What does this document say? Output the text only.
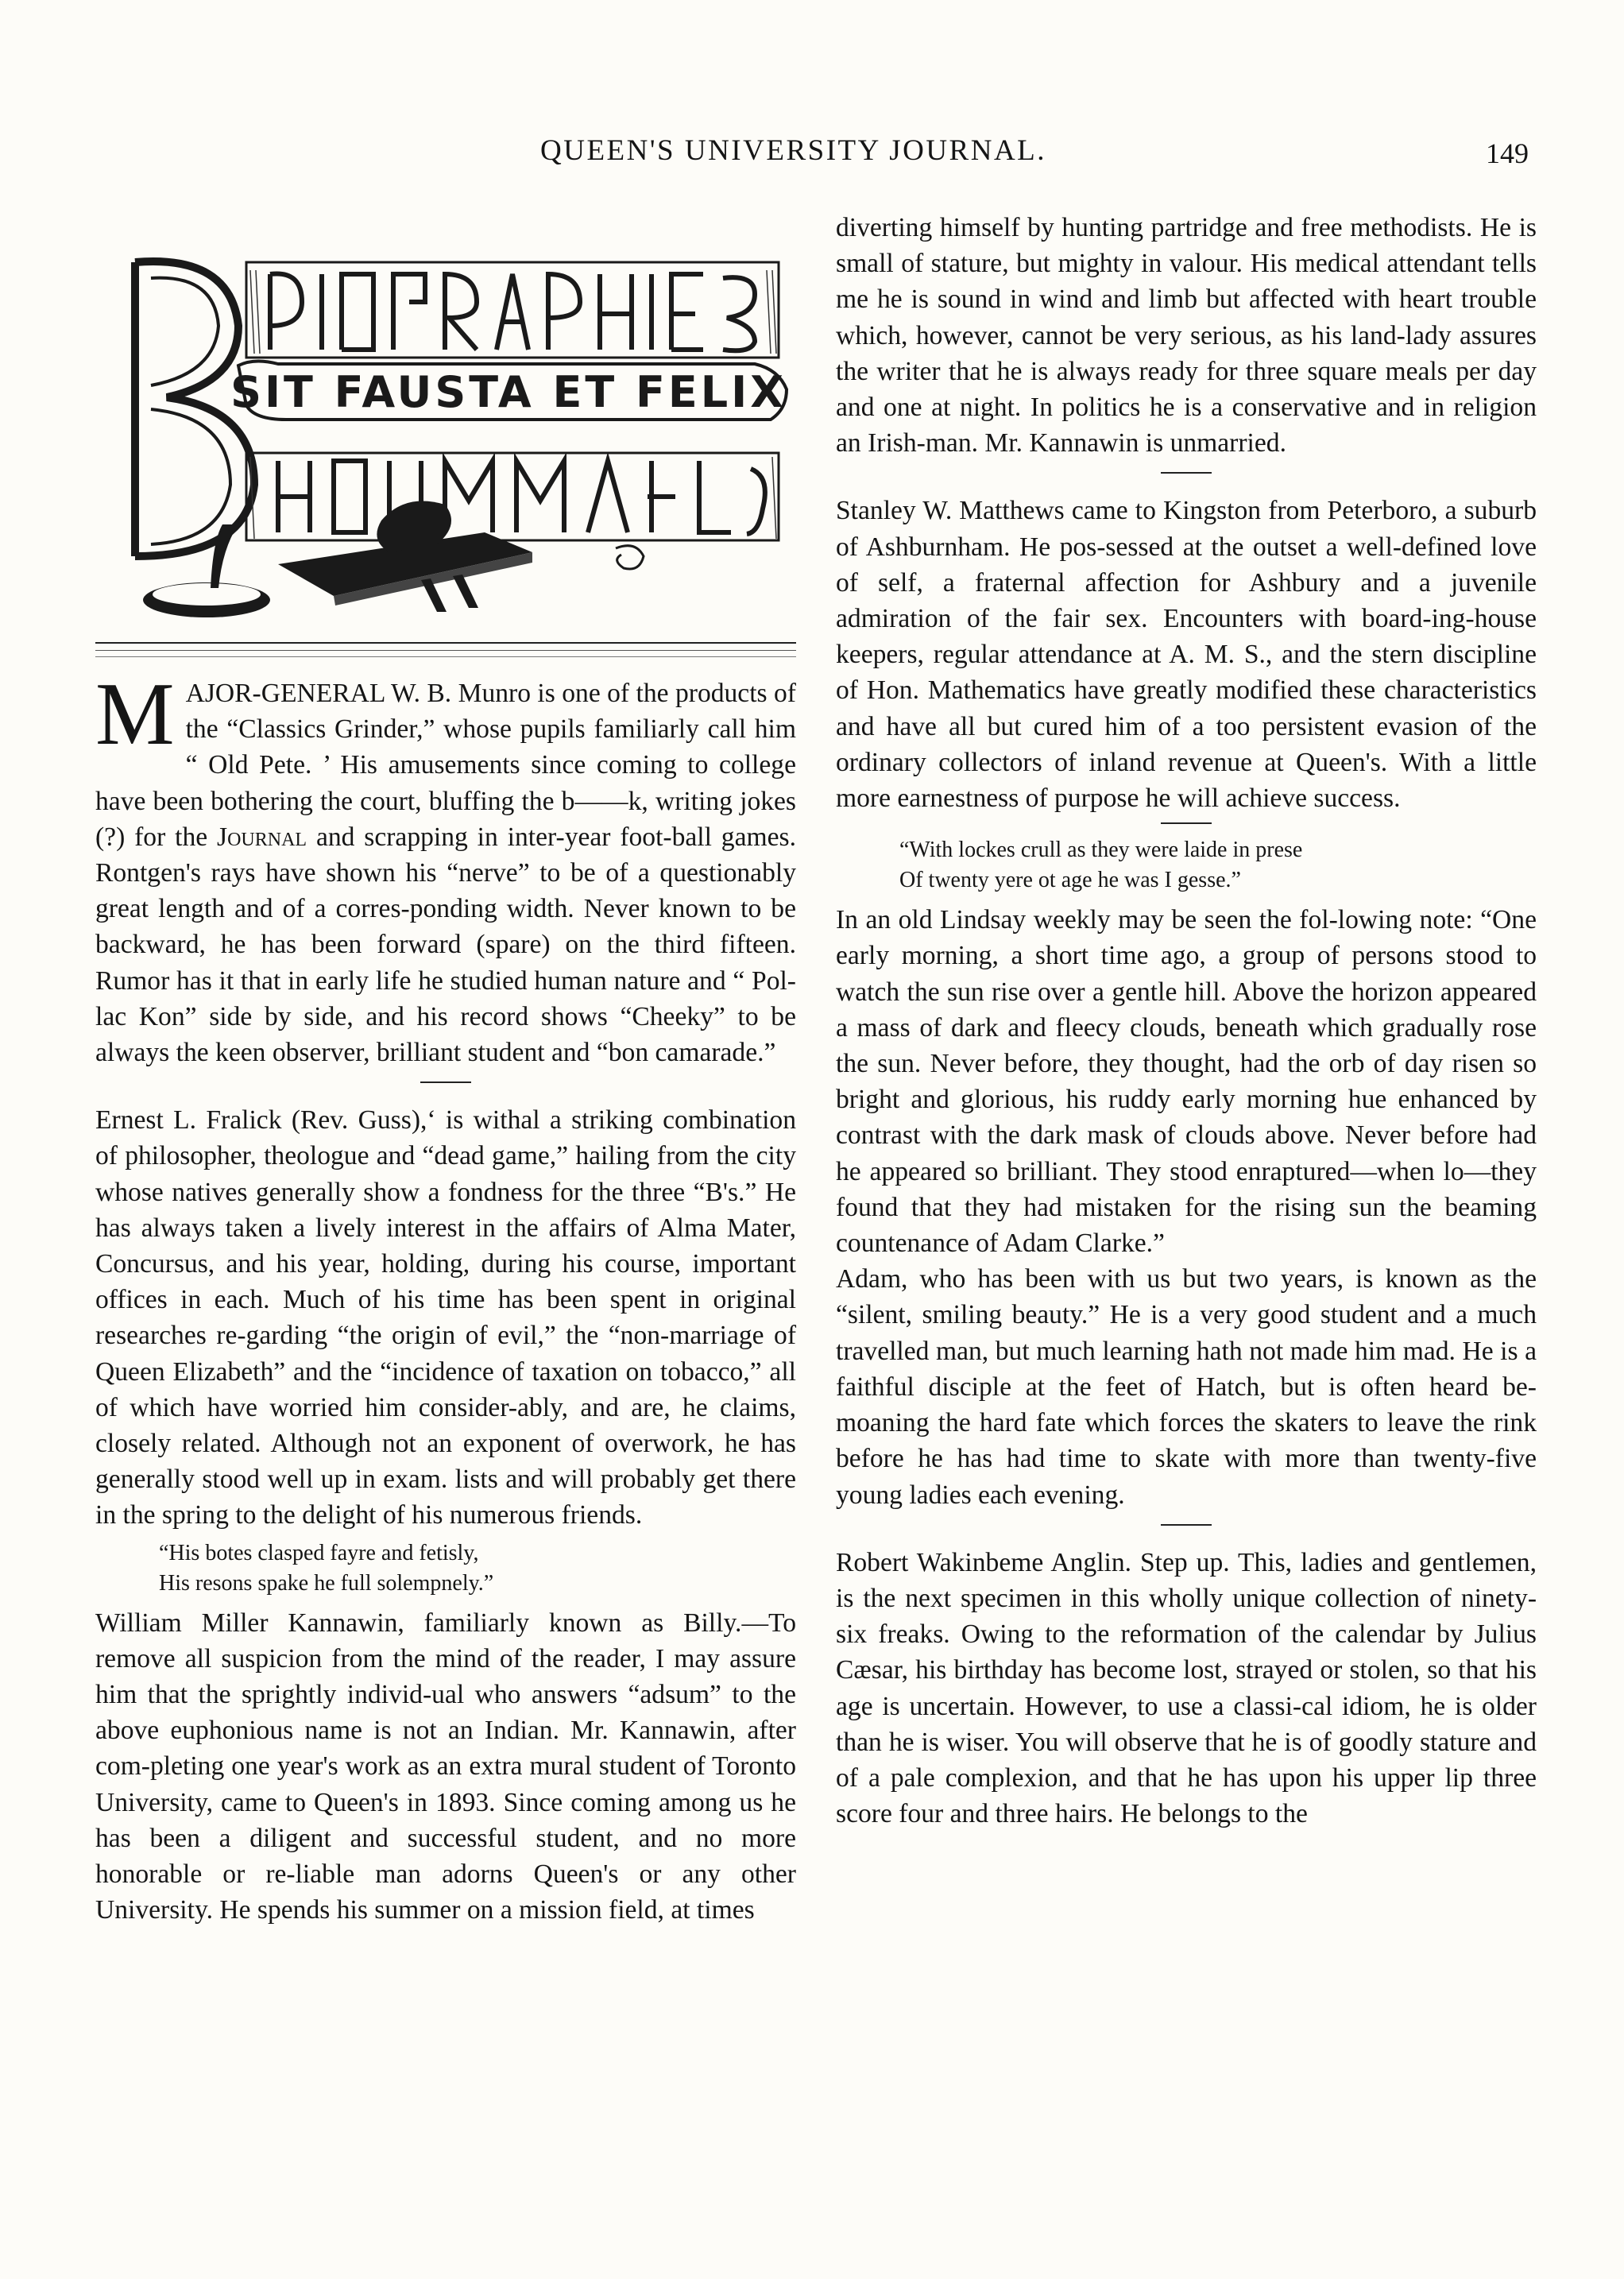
QUEEN'S UNIVERSITY JOURNAL.	149
SIT FAUSTA ET FELIX

MAJOR-GENERAL W. B. Munro is one of the products of the “Classics Grinder,” whose pupils familiarly call him “ Old Pete. ’ His amusements since coming to college have been bothering the court, bluffing the b——k, writing jokes (?) for the Journal and scrapping in inter-year foot-ball games. Rontgen's rays have shown his “nerve” to be of a questionably great length and of a corres-ponding width. Never known to be backward, he has been forward (spare) on the third fifteen. Rumor has it that in early life he studied human nature and “ Pol-lac Kon” side by side, and his record shows “Cheeky” to be always the keen observer, brilliant student and “bon camarade.”

Ernest L. Fralick (Rev. Guss),ʻ is withal a striking combination of philosopher, theologue and “dead game,” hailing from the city whose natives generally show a fondness for the three “B's.” He has always taken a lively interest in the affairs of Alma Mater, Concursus, and his year, holding, during his course, important offices in each. Much of his time has been spent in original researches re-garding “the origin of evil,” the “non-marriage of Queen Elizabeth” and the “incidence of taxation on tobacco,” all of which have worried him consider-ably, and are, he claims, closely related. Although not an exponent of overwork, he has generally stood well up in exam. lists and will probably get there in the spring to the delight of his numerous friends.

“His botes clasped fayre and fetisly,
His resons spake he full solempnely.”

William Miller Kannawin, familiarly known as Billy.—To remove all suspicion from the mind of the reader, I may assure him that the sprightly individ-ual who answers “adsum” to the above euphonious name is not an Indian. Mr. Kannawin, after com-pleting one year's work as an extra mural student of Toronto University, came to Queen's in 1893. Since coming among us he has been a diligent and successful student, and no more honorable or re-liable man adorns Queen's or any other University. He spends his summer on a mission field, at times

diverting himself by hunting partridge and free methodists. He is small of stature, but mighty in valour. His medical attendant tells me he is sound in wind and limb but affected with heart trouble which, however, cannot be very serious, as his land-lady assures the writer that he is always ready for three square meals per day and one at night. In politics he is a conservative and in religion an Irish-man. Mr. Kannawin is unmarried.

Stanley W. Matthews came to Kingston from Peterboro, a suburb of Ashburnham. He pos-sessed at the outset a well-defined love of self, a fraternal affection for Ashbury and a juvenile admiration of the fair sex. Encounters with board-ing-house keepers, regular attendance at A. M. S., and the stern discipline of Hon. Mathematics have greatly modified these characteristics and have all but cured him of a too persistent evasion of the ordinary collectors of inland revenue at Queen's. With a little more earnestness of purpose he will achieve success.

“With lockes crull as they were laide in prese
Of twenty yere ot age he was I gesse.”

In an old Lindsay weekly may be seen the fol-lowing note: “One early morning, a short time ago, a group of persons stood to watch the sun rise over a gentle hill. Above the horizon appeared a mass of dark and fleecy clouds, beneath which gradually rose the sun. Never before, they thought, had the orb of day risen so bright and glorious, his ruddy early morning hue enhanced by contrast with the dark mask of clouds above. Never before had he appeared so brilliant. They stood enraptured—when lo—they found that they had mistaken for the rising sun the beaming countenance of Adam Clarke.”

Adam, who has been with us but two years, is known as the “silent, smiling beauty.” He is a very good student and a much travelled man, but much learning hath not made him mad. He is a faithful disciple at the feet of Hatch, but is often heard be-moaning the hard fate which forces the skaters to leave the rink before he has had time to skate with more than twenty-five young ladies each evening.

Robert Wakinbeme Anglin. Step up. This, ladies and gentlemen, is the next specimen in this wholly unique collection of ninety-six freaks. Owing to the reformation of the calendar by Julius Cæsar, his birthday has become lost, strayed or stolen, so that his age is uncertain. However, to use a classi-cal idiom, he is older than he is wiser. You will observe that he is of goodly stature and of a pale complexion, and that he has upon his upper lip three score four and three hairs. He belongs to the
